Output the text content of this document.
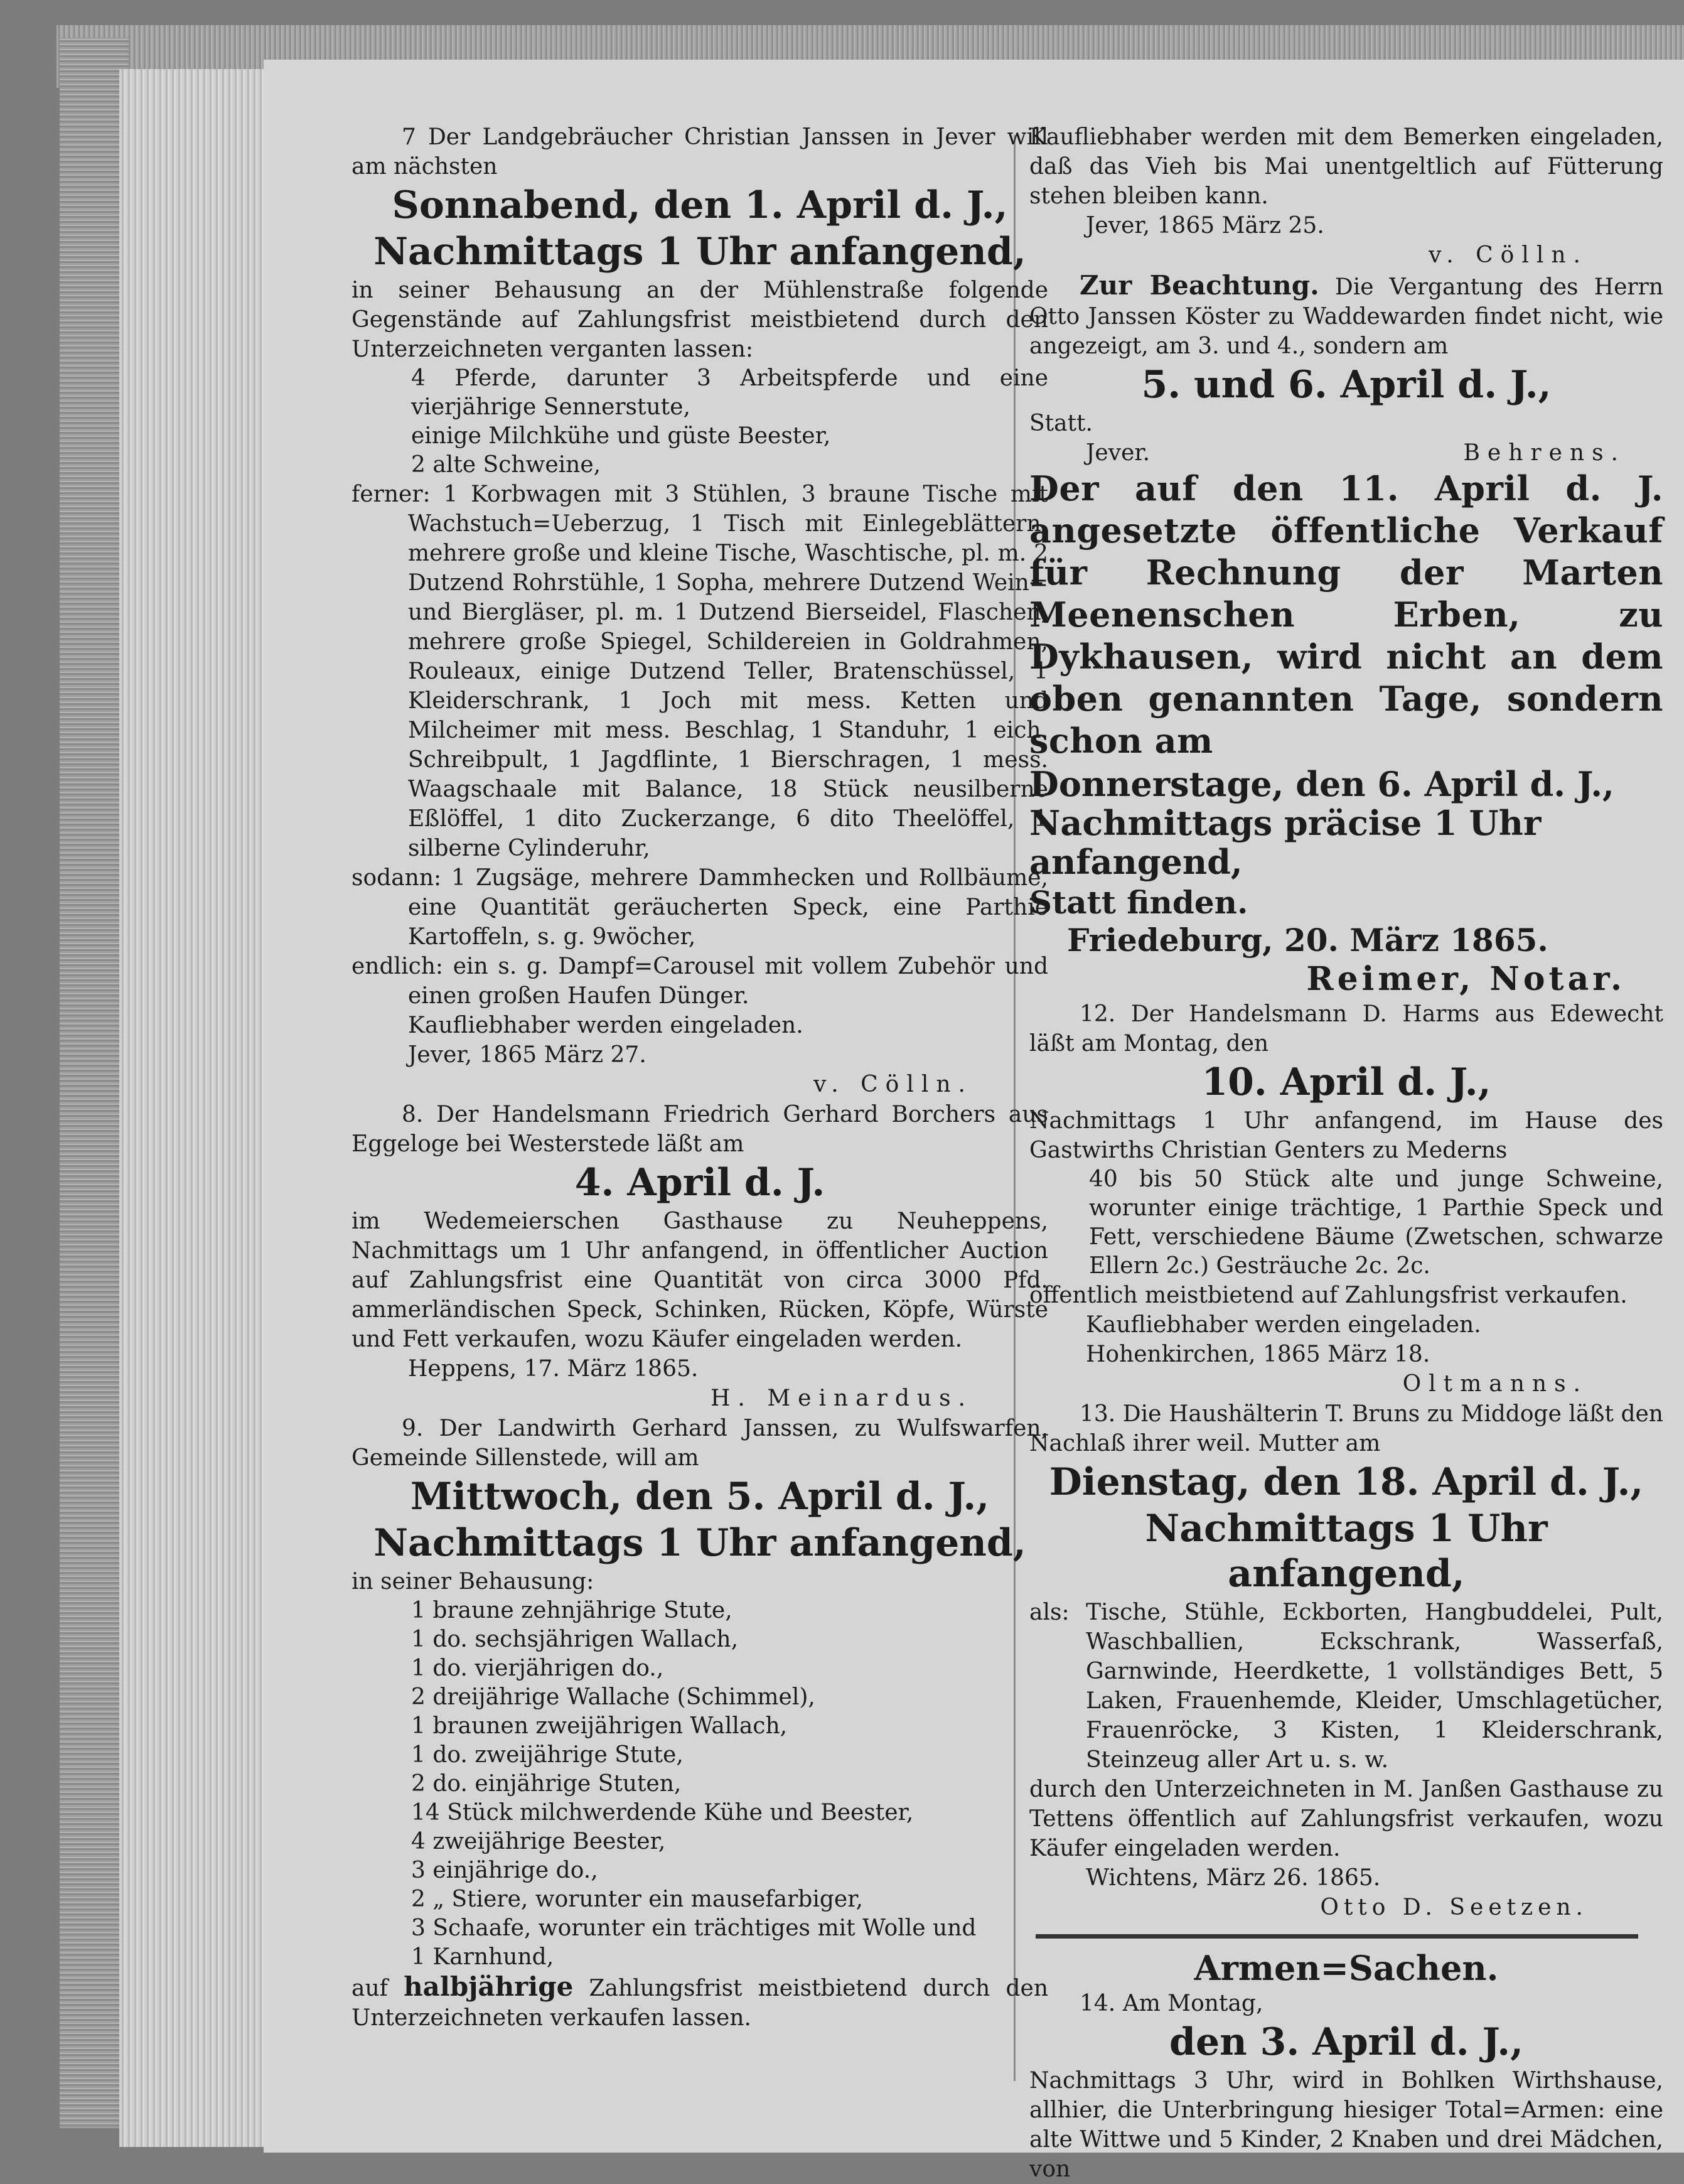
7 Der Landgebräucher Christian Janssen in Jever will am nächsten

Sonnabend, den 1. April d. J.,
Nachmittags 1 Uhr anfangend,

in seiner Behausung an der Mühlenstraße folgende Gegenstände auf Zahlungsfrist meistbietend durch den Unterzeichneten verganten lassen:

4 Pferde, darunter 3 Arbeitspferde und eine vierjährige Sennerstute,

einige Milchkühe und güste Beester,

2 alte Schweine,

ferner: 1 Korbwagen mit 3 Stühlen, 3 braune Tische mit Wachstuch=Ueberzug, 1 Tisch mit Einlegeblättern, mehrere große und kleine Tische, Waschtische, pl. m. 2 Dutzend Rohrstühle, 1 Sopha, mehrere Dutzend Wein= und Biergläser, pl. m. 1 Dutzend Bierseidel, Flaschen, mehrere große Spiegel, Schildereien in Goldrahmen, Rouleaux, einige Dutzend Teller, Bratenschüssel, 1 Kleiderschrank, 1 Joch mit mess. Ketten und Milcheimer mit mess. Beschlag, 1 Standuhr, 1 eich. Schreibpult, 1 Jagdflinte, 1 Bierschragen, 1 mess. Waagschaale mit Balance, 18 Stück neusilberne Eßlöffel, 1 dito Zuckerzange, 6 dito Theelöffel, 1 silberne Cylinderuhr,

sodann: 1 Zugsäge, mehrere Dammhecken und Rollbäume, eine Quantität geräucherten Speck, eine Parthie Kartoffeln, s. g. 9wöcher,

endlich: ein s. g. Dampf=Carousel mit vollem Zubehör und einen großen Haufen Dünger.

Kaufliebhaber werden eingeladen.

Jever, 1865 März 27.

v. Cölln.

8. Der Handelsmann Friedrich Gerhard Borchers aus Eggeloge bei Westerstede läßt am

4. April d. J.

im Wedemeierschen Gasthause zu Neuheppens, Nachmittags um 1 Uhr anfangend, in öffentlicher Auction auf Zahlungsfrist eine Quantität von circa 3000 Pfd. ammerländischen Speck, Schinken, Rücken, Köpfe, Würste und Fett verkaufen, wozu Käufer eingeladen werden.

Heppens, 17. März 1865.

H. Meinardus.

9. Der Landwirth Gerhard Janssen, zu Wulfswarfen, Gemeinde Sillenstede, will am

Mittwoch, den 5. April d. J.,
Nachmittags 1 Uhr anfangend,

in seiner Behausung:

1 braune zehnjährige Stute,

1 do. sechsjährigen Wallach,

1 do. vierjährigen do.,

2 dreijährige Wallache (Schimmel),

1 braunen zweijährigen Wallach,

1 do. zweijährige Stute,

2 do. einjährige Stuten,

14 Stück milchwerdende Kühe und Beester,

4 zweijährige Beester,

3 einjährige do.,

2 „ Stiere, worunter ein mausefarbiger,

3 Schaafe, worunter ein trächtiges mit Wolle und

1 Karnhund,

auf halbjährige Zahlungsfrist meistbietend durch den Unterzeichneten verkaufen lassen.

Kaufliebhaber werden mit dem Bemerken eingeladen, daß das Vieh bis Mai unentgeltlich auf Fütterung stehen bleiben kann.

Jever, 1865 März 25.

v. Cölln.

Zur Beachtung. Die Vergantung des Herrn Otto Janssen Köster zu Waddewarden findet nicht, wie angezeigt, am 3. und 4., sondern am

5. und 6. April d. J.,

Statt.

Jever.	Behrens.

Der auf den 11. April d. J. angesetzte öffentliche Verkauf für Rechnung der Marten Meenenschen Erben, zu Dykhausen, wird nicht an dem oben genannten Tage, sondern schon am

Donnerstage, den 6. April d. J., Nachmittags präcise 1 Uhr anfangend,
Statt finden.
Friedeburg, 20. März 1865.

Reimer, Notar.

12. Der Handelsmann D. Harms aus Edewecht läßt am Montag, den

10. April d. J.,

Nachmittags 1 Uhr anfangend, im Hause des Gastwirths Christian Genters zu Mederns

40 bis 50 Stück alte und junge Schweine, worunter einige trächtige, 1 Parthie Speck und Fett, verschiedene Bäume (Zwetschen, schwarze Ellern 2c.) Gesträuche 2c. 2c.

öffentlich meistbietend auf Zahlungsfrist verkaufen.

Kaufliebhaber werden eingeladen.

Hohenkirchen, 1865 März 18.

Oltmanns.

13. Die Haushälterin T. Bruns zu Middoge läßt den Nachlaß ihrer weil. Mutter am

Dienstag, den 18. April d. J.,
Nachmittags 1 Uhr anfangend,

als: Tische, Stühle, Eckborten, Hangbuddelei, Pult, Waschballien, Eckschrank, Wasserfaß, Garnwinde, Heerdkette, 1 vollständiges Bett, 5 Laken, Frauenhemde, Kleider, Umschlagetücher, Frauenröcke, 3 Kisten, 1 Kleiderschrank, Steinzeug aller Art u. s. w.

durch den Unterzeichneten in M. Janßen Gasthause zu Tettens öffentlich auf Zahlungsfrist verkaufen, wozu Käufer eingeladen werden.

Wichtens, März 26. 1865.

Otto D. Seetzen.

Armen=Sachen.

14. Am Montag,

den 3. April d. J.,

Nachmittags 3 Uhr, wird in Bohlken Wirthshause, allhier, die Unterbringung hiesiger Total=Armen: eine alte Wittwe und 5 Kinder, 2 Knaben und drei Mädchen, von
